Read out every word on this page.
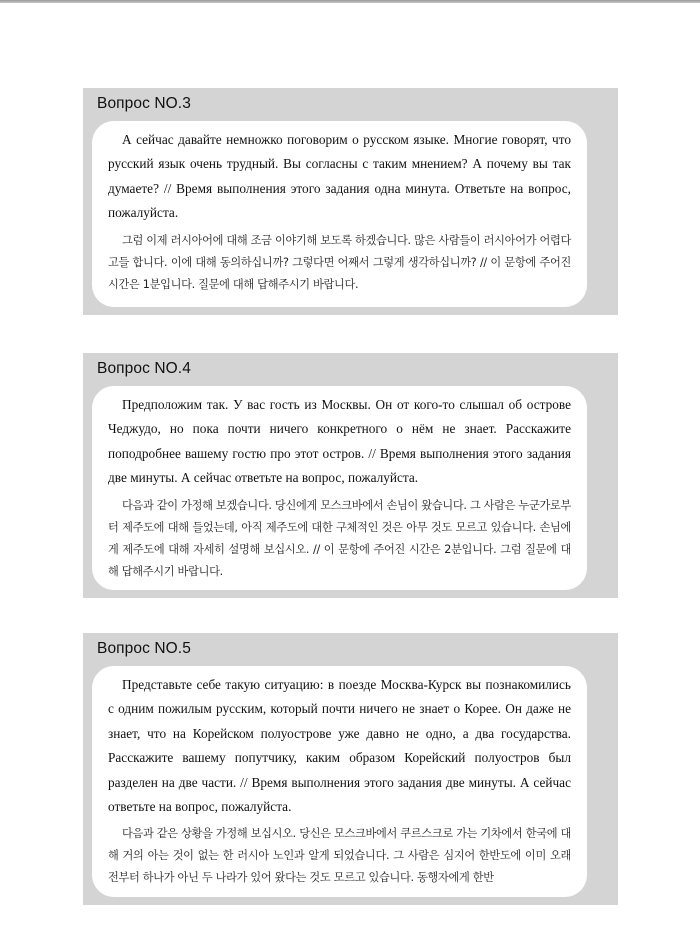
Вопрос NO.3

А сейчас давайте немножко поговорим о русском языке. Многие говорят, что русский язык очень трудный. Вы согласны с таким мнением? А почему вы так думаете? // Время выполнения этого задания одна минута. Ответьте на вопрос, пожалуйста.

그럼 이제 러시아어에 대해 조금 이야기해 보도록 하겠습니다. 많은 사람들이 러시아어가 어렵다고들 합니다. 이에 대해 동의하십니까? 그렇다면 어째서 그렇게 생각하십니까? // 이 문항에 주어진 시간은 1분입니다. 질문에 대해 답해주시기 바랍니다.

Вопрос NO.4

Предположим так. У вас гость из Москвы. Он от кого-то слышал об острове Чеджудо, но пока почти ничего конкретного о нём не знает. Расскажите поподробнее вашему гостю про этот остров. // Время выполнения этого задания две минуты. А сейчас ответьте на вопрос, пожалуйста.

다음과 같이 가정해 보겠습니다. 당신에게 모스크바에서 손님이 왔습니다. 그 사람은 누군가로부터 제주도에 대해 들었는데, 아직 제주도에 대한 구체적인 것은 아무 것도 모르고 있습니다. 손님에게 제주도에 대해 자세히 설명해 보십시오. // 이 문항에 주어진 시간은 2분입니다. 그럼 질문에 대해 답해주시기 바랍니다.

Вопрос NO.5

Представьте себе такую ситуацию: в поезде Москва-Курск вы познакомились с одним пожилым русским, который почти ничего не знает о Корее. Он даже не знает, что на Корейском полуострове уже давно не одно, а два государства. Расскажите вашему попутчику, каким образом Корейский полуостров был разделен на две части. // Время выполнения этого задания две минуты. А сейчас ответьте на вопрос, пожалуйста.

다음과 같은 상황을 가정해 보십시오. 당신은 모스크바에서 쿠르스크로 가는 기차에서 한국에 대해 거의 아는 것이 없는 한 러시아 노인과 알게 되었습니다. 그 사람은 심지어 한반도에 이미 오래 전부터 하나가 아닌 두 나라가 있어 왔다는 것도 모르고 있습니다. 동행자에게 한반
